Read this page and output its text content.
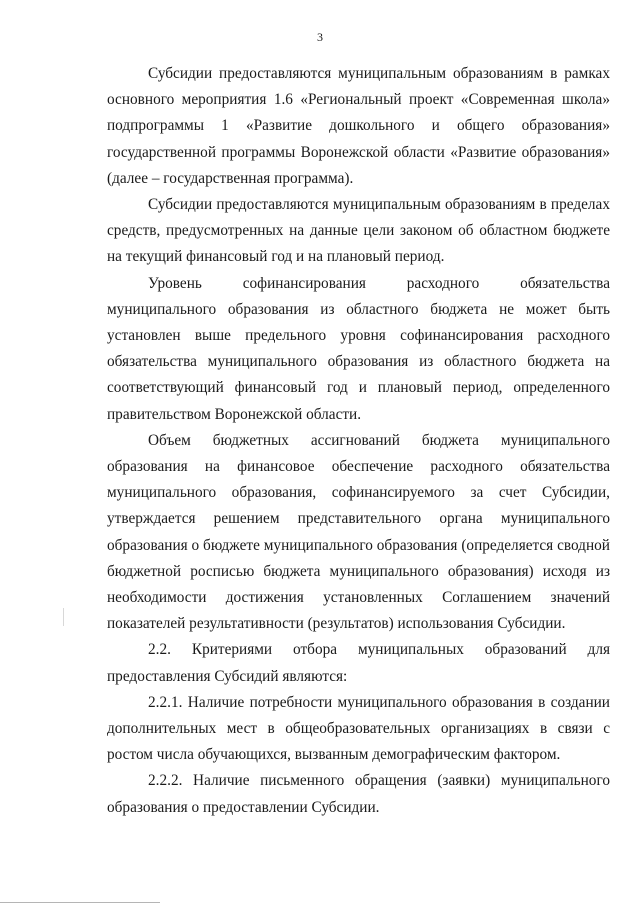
3

Субсидии предоставляются муниципальным образованиям в рамках основного мероприятия 1.6 «Региональный проект «Современная школа» подпрограммы 1 «Развитие дошкольного и общего образования» государственной программы Воронежской области «Развитие образования» (далее – государственная программа).

Субсидии предоставляются муниципальным образованиям в пределах средств, предусмотренных на данные цели законом об областном бюджете на текущий финансовый год и на плановый период.

Уровень софинансирования расходного обязательства муниципального образования из областного бюджета не может быть установлен выше предельного уровня софинансирования расходного обязательства муниципального образования из областного бюджета на соответствующий финансовый год и плановый период, определенного правительством Воронежской области.

Объем бюджетных ассигнований бюджета муниципального образования на финансовое обеспечение расходного обязательства муниципального образования, софинансируемого за счет Субсидии, утверждается решением представительного органа муниципального образования о бюджете муниципального образования (определяется сводной бюджетной росписью бюджета муниципального образования) исходя из необходимости достижения установленных Соглашением значений показателей результативности (результатов) использования Субсидии.

2.2. Критериями отбора муниципальных образований для предоставления Субсидий являются:

2.2.1. Наличие потребности муниципального образования в создании дополнительных мест в общеобразовательных организациях в связи с ростом числа обучающихся, вызванным демографическим фактором.

2.2.2. Наличие письменного обращения (заявки) муниципального образования о предоставлении Субсидии.
